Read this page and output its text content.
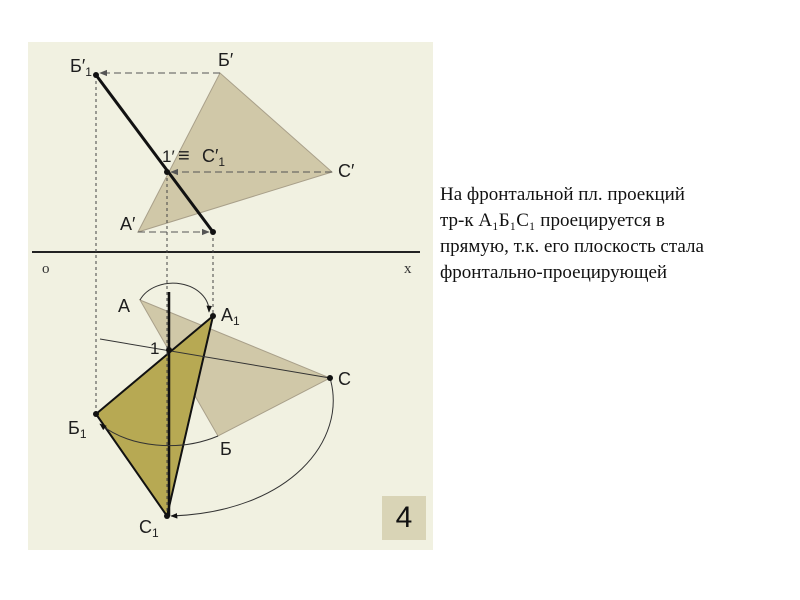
≡
$Б'_1$
Б′
1′ $C'_1$	C′
A′
o	x
A	$A_1$
1
C
$Б_1$
Б
$C_1$	4
На фронтальной пл. проекций
тр-к A₁Б₁C₁ проецируется в
прямую, т.к. его плоскость стала
фронтально-проецирующей
